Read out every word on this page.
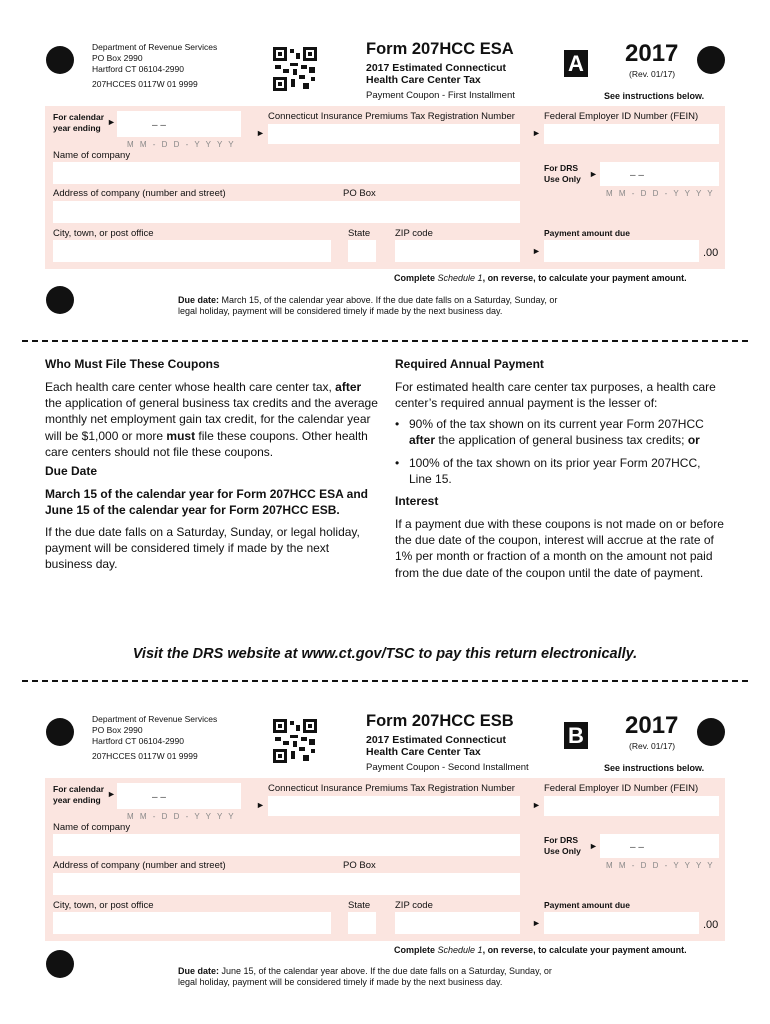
Department of Revenue Services
PO Box 2990
Hartford CT 06104-2990
207HCCES 0117W 01 9999
Form 207HCC ESA
2017 Estimated Connecticut
Health Care Center Tax
Payment Coupon - First Installment
A 2017
(Rev. 01/17)
See instructions below.
For calendar
year ending
►	– –
M M - D D - Y Y Y Y
Connecticut Insurance Premiums Tax Registration Number
►
Federal Employer ID Number (FEIN)
►
Name of company
For DRS
Use Only ►	– –
M M - D D - Y Y Y Y
Address of company (number and street)	PO Box
City, town, or post office	State	ZIP code	Payment amount due
►	.00
Complete Schedule 1, on reverse, to calculate your payment amount.
Due date: March 15, of the calendar year above. If the due date falls on a Saturday, Sunday, or
legal holiday, payment will be considered timely if made by the next business day.
Who Must File These Coupons
Each health care center whose health care center tax, after
the application of general business tax credits and the average
monthly net employment gain tax credit, for the calendar year
will be $1,000 or more must file these coupons. Other health
care centers should not file these coupons.
Due Date
March 15 of the calendar year for Form 207HCC ESA and
June 15 of the calendar year for Form 207HCC ESB.
If the due date falls on a Saturday, Sunday, or legal holiday,
payment will be considered timely if made by the next
business day.
Required Annual Payment
For estimated health care center tax purposes, a health care
center’s required annual payment is the lesser of:
• 90% of the tax shown on its current year Form 207HCC
after the application of general business tax credits; or
• 100% of the tax shown on its prior year Form 207HCC,
Line 15.
Interest
If a payment due with these coupons is not made on or before
the due date of the coupon, interest will accrue at the rate of
1% per month or fraction of a month on the amount not paid
from the due date of the coupon until the date of payment.
Visit the DRS website at www.ct.gov/TSC to pay this return electronically.
Department of Revenue Services
PO Box 2990
Hartford CT 06104-2990
207HCCES 0117W 01 9999
Form 207HCC ESB
2017 Estimated Connecticut
Health Care Center Tax
Payment Coupon - Second Installment
B 2017
(Rev. 01/17)
See instructions below.
For calendar
year ending
►	– –
M M - D D - Y Y Y Y
Connecticut Insurance Premiums Tax Registration Number
►
Federal Employer ID Number (FEIN)
►
Name of company
For DRS
Use Only ►	– –
M M - D D - Y Y Y Y
Address of company (number and street)	PO Box
City, town, or post office	State	ZIP code	Payment amount due
►	.00
Complete Schedule 1, on reverse, to calculate your payment amount.
Due date: June 15, of the calendar year above. If the due date falls on a Saturday, Sunday, or
legal holiday, payment will be considered timely if made by the next business day.
